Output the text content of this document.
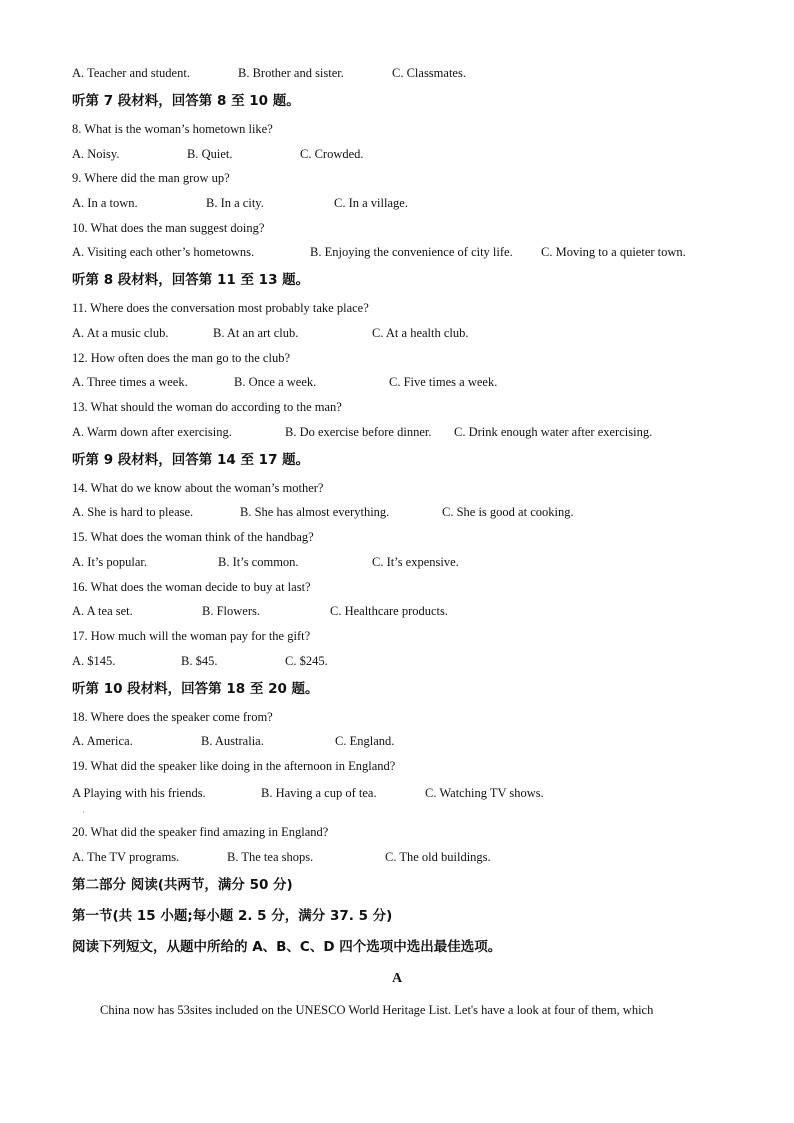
A. Teacher and student.	B. Brother and sister.	C. Classmates.
听第 7 段材料，回答第 8 至 10 题。
8. What is the woman’s hometown like?
A. Noisy.	B. Quiet.	C. Crowded.
9. Where did the man grow up?
A. In a town.	B. In a city.	C. In a village.
10. What does the man suggest doing?
A. Visiting each other’s hometowns.	B. Enjoying the convenience of city life. C. Moving to a quieter town.
听第 8 段材料，回答第 11 至 13 题。
11. Where does the conversation most probably take place?
A. At a music club.	B. At an art club.	C. At a health club.
12. How often does the man go to the club?
A. Three times a week.	B. Once a week.	C. Five times a week.
13. What should the woman do according to the man?
A. Warm down after exercising.	B. Do exercise before dinner. C. Drink enough water after exercising.
听第 9 段材料，回答第 14 至 17 题。
14. What do we know about the woman’s mother?
A. She is hard to please.	B. She has almost everything.	C. She is good at cooking.
15. What does the woman think of the handbag?
A. It’s popular.	B. It’s common.	C. It’s expensive.
16. What does the woman decide to buy at last?
A. A tea set.	B. Flowers.	C. Healthcare products.
17. How much will the woman pay for the gift?
A. $145.	B. $45.	C. $245.
听第 10 段材料，回答第 18 至 20 题。
18. Where does the speaker come from?
A. America.	B. Australia.	C. England.
19. What did the speaker like doing in the afternoon in England?
A Playing with his friends.	B. Having a cup of tea.	C. Watching TV shows.
·
20. What did the speaker find amazing in England?
A. The TV programs.	B. The tea shops.	C. The old buildings.
第二部分 阅读(共两节，满分 50 分)
第一节(共 15 小题;每小题 2. 5 分，满分 37. 5 分)
阅读下列短文，从题中所给的 A、B、C、D 四个选项中选出最佳选项。
A
China now has 53sites included on the UNESCO World Heritage List. Let's have a look at four of them, which
